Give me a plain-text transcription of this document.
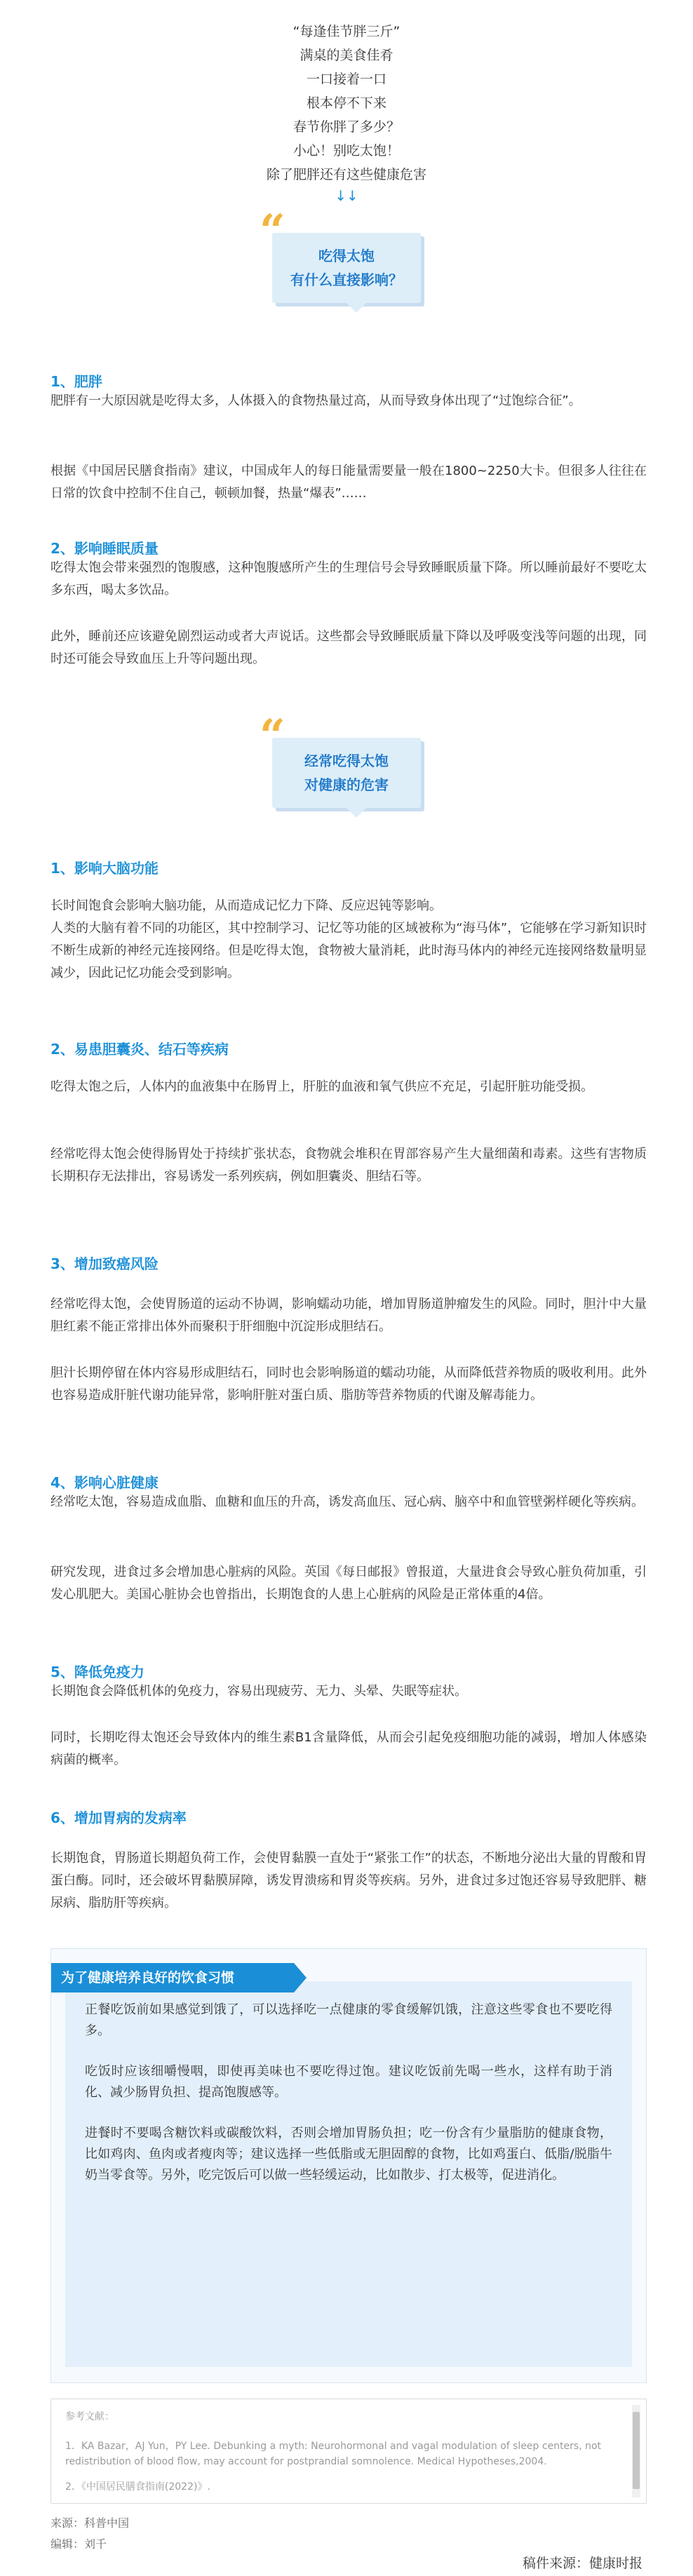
“每逢佳节胖三斤”

满桌的美食佳肴

一口接着一口

根本停不下来

春节你胖了多少？

小心！别吃太饱！

除了肥胖还有这些健康危害

↓↓

“	吃得太饱
有什么直接影响？
1、肥胖
肥胖有一大原因就是吃得太多，人体摄入的食物热量过高，从而导致身体出现了“过饱综合征”。
根据《中国居民膳食指南》建议，中国成年人的每日能量需要量一般在1800~2250大卡。但很多人往往在日常的饮食中控制不住自己，顿顿加餐，热量“爆表”……
2、影响睡眠质量
吃得太饱会带来强烈的饱腹感，这种饱腹感所产生的生理信号会导致睡眠质量下降。所以睡前最好不要吃太多东西，喝太多饮品。
此外，睡前还应该避免剧烈运动或者大声说话。这些都会导致睡眠质量下降以及呼吸变浅等问题的出现，同时还可能会导致血压上升等问题出现。
“	经常吃得太饱
对健康的危害
1、影响大脑功能
长时间饱食会影响大脑功能，从而造成记忆力下降、反应迟钝等影响。
人类的大脑有着不同的功能区，其中控制学习、记忆等功能的区域被称为“海马体”，它能够在学习新知识时不断生成新的神经元连接网络。但是吃得太饱，食物被大量消耗，此时海马体内的神经元连接网络数量明显减少，因此记忆功能会受到影响。
2、易患胆囊炎、结石等疾病
吃得太饱之后，人体内的血液集中在肠胃上，肝脏的血液和氧气供应不充足，引起肝脏功能受损。
经常吃得太饱会使得肠胃处于持续扩张状态，食物就会堆积在胃部容易产生大量细菌和毒素。这些有害物质长期积存无法排出，容易诱发一系列疾病，例如胆囊炎、胆结石等。
3、增加致癌风险
经常吃得太饱，会使胃肠道的运动不协调，影响蠕动功能，增加胃肠道肿瘤发生的风险。同时，胆汁中大量胆红素不能正常排出体外而聚积于肝细胞中沉淀形成胆结石。
胆汁长期停留在体内容易形成胆结石，同时也会影响肠道的蠕动功能，从而降低营养物质的吸收利用。此外也容易造成肝脏代谢功能异常，影响肝脏对蛋白质、脂肪等营养物质的代谢及解毒能力。
4、影响心脏健康
经常吃太饱，容易造成血脂、血糖和血压的升高，诱发高血压、冠心病、脑卒中和血管壁粥样硬化等疾病。
研究发现，进食过多会增加患心脏病的风险。英国《每日邮报》曾报道，大量进食会导致心脏负荷加重，引发心肌肥大。美国心脏协会也曾指出，长期饱食的人患上心脏病的风险是正常体重的4倍。
5、降低免疫力
长期饱食会降低机体的免疫力，容易出现疲劳、无力、头晕、失眠等症状。
同时，长期吃得太饱还会导致体内的维生素B1含量降低，从而会引起免疫细胞功能的减弱，增加人体感染病菌的概率。
6、增加胃病的发病率
长期饱食，胃肠道长期超负荷工作，会使胃黏膜一直处于“紧张工作”的状态，不断地分泌出大量的胃酸和胃蛋白酶。同时，还会破坏胃黏膜屏障，诱发胃溃疡和胃炎等疾病。另外，进食过多过饱还容易导致肥胖、糖尿病、脂肪肝等疾病。

正餐吃饭前如果感觉到饿了，可以选择吃一点健康的零食缓解饥饿，注意这些零食也不要吃得多。

吃饭时应该细嚼慢咽，即使再美味也不要吃得过饱。建议吃饭前先喝一些水，这样有助于消化、减少肠胃负担、提高饱腹感等。

进餐时不要喝含糖饮料或碳酸饮料，否则会增加胃肠负担；吃一份含有少量脂肪的健康食物，比如鸡肉、鱼肉或者瘦肉等；建议选择一些低脂或无胆固醇的食物，比如鸡蛋白、低脂/脱脂牛奶当零食等。另外，吃完饭后可以做一些轻缓运动，比如散步、打太极等，促进消化。

为了健康培养良好的饮食习惯

参考文献：

1．KA Bazar，AJ Yun，PY Lee. Debunking a myth: Neurohormonal and vagal modulation of sleep centers, not redistribution of blood flow, may account for postprandial somnolence. Medical Hypotheses,2004.

2．《中国居民膳食指南(2022)》.

来源：科普中国
编辑：刘千
稿件来源：健康时报
